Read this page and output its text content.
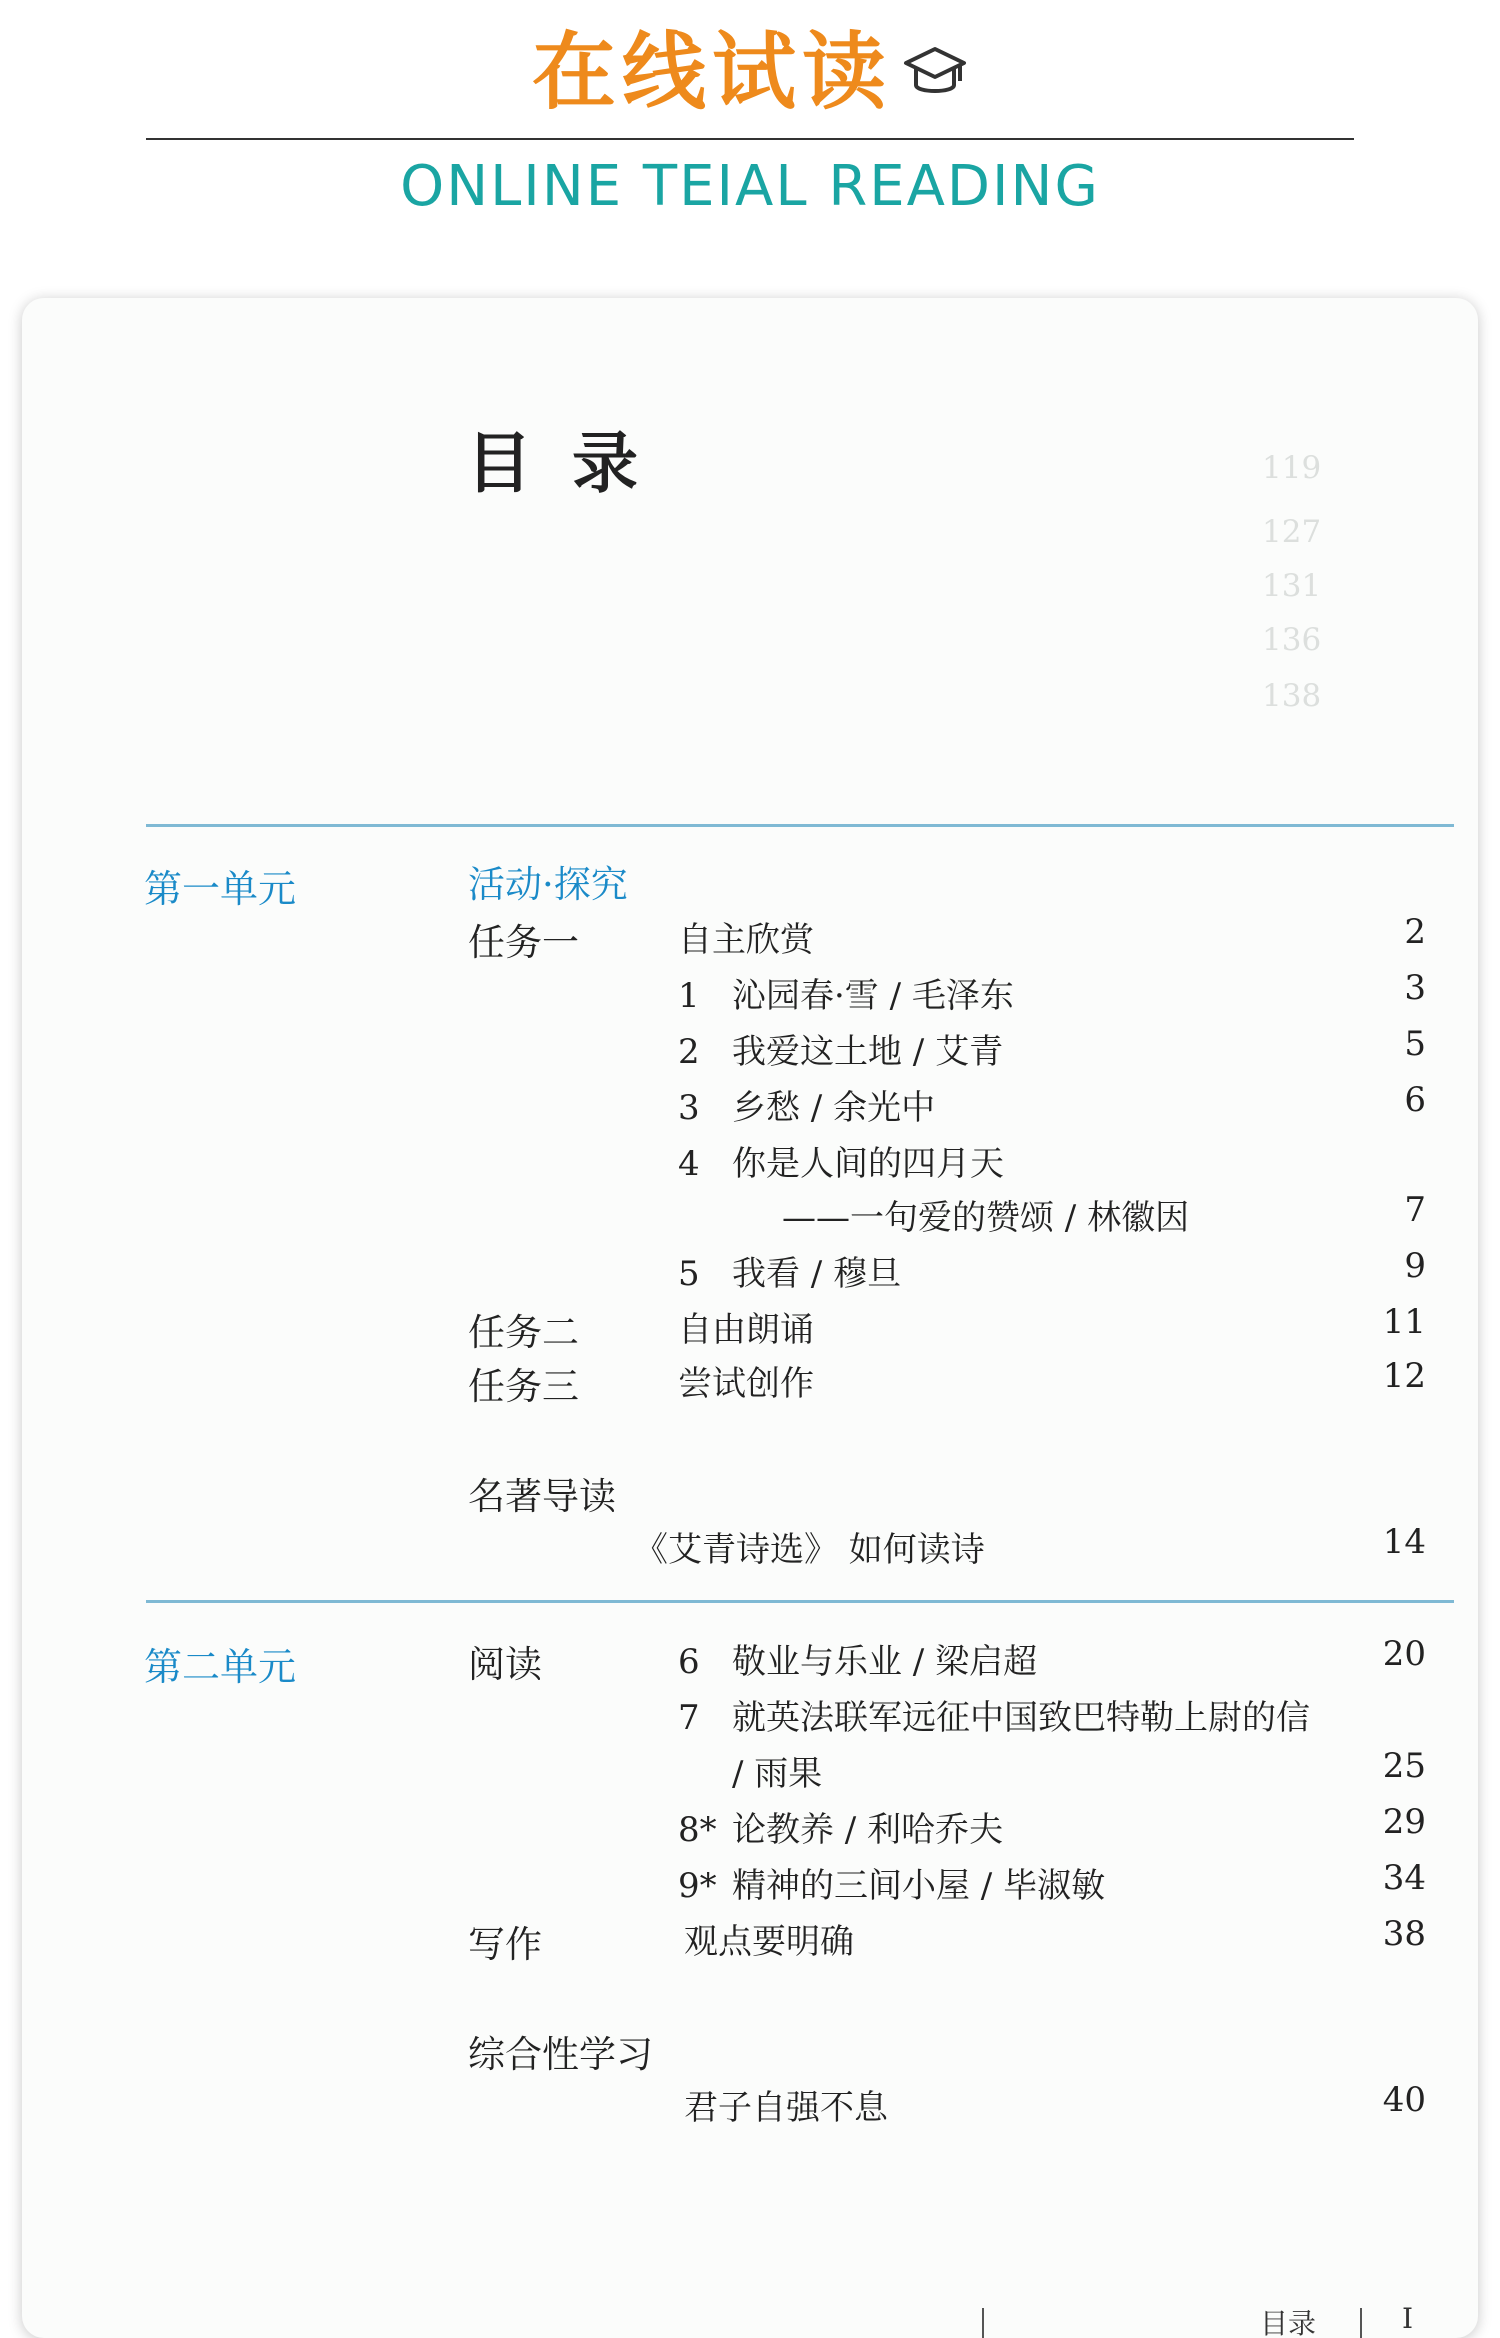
在线试读
ONLINE TEIAL READING
119
127
131
136
138
目录
第一单元	活动·探究
任务一	自主欣赏	2
1 沁园春·雪 / 毛泽东	3
2 我爱这土地 / 艾青	5
3 乡愁 / 余光中	6
4 你是人间的四月天
——一句爱的赞颂 / 林徽因	7
5 我看 / 穆旦	9
任务二	自由朗诵	11
任务三	尝试创作	12
名著导读
《艾青诗选》 如何读诗	14
第二单元	阅读	6 敬业与乐业 / 梁启超	20
7 就英法联军远征中国致巴特勒上尉的信
/ 雨果	25
8* 论教养 / 利哈乔夫	29
9* 精神的三间小屋 / 毕淑敏	34
写作	观点要明确	38
综合性学习
君子自强不息	40
目录	I
